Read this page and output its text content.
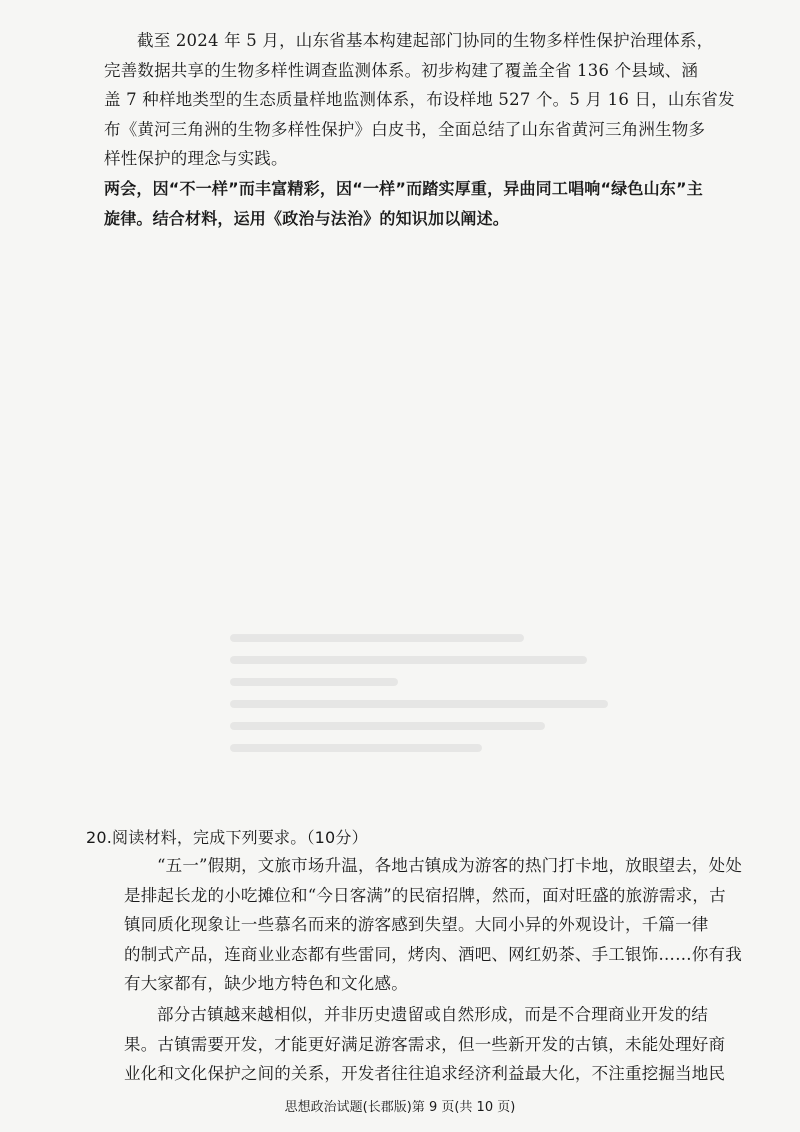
截至 2024 年 5 月，山东省基本构建起部门协同的生物多样性保护治理体系，
完善数据共享的生物多样性调查监测体系。初步构建了覆盖全省 136 个县域、涵
盖 7 种样地类型的生态质量样地监测体系，布设样地 527 个。5 月 16 日，山东省发
布《黄河三角洲的生物多样性保护》白皮书，全面总结了山东省黄河三角洲生物多
样性保护的理念与实践。
两会，因“不一样”而丰富精彩，因“一样”而踏实厚重，异曲同工唱响“绿色山东”主
旋律。结合材料，运用《政治与法治》的知识加以阐述。
20.阅读材料，完成下列要求。（10分）
“五一”假期，文旅市场升温，各地古镇成为游客的热门打卡地，放眼望去，处处
是排起长龙的小吃摊位和“今日客满”的民宿招牌，然而，面对旺盛的旅游需求，古
镇同质化现象让一些慕名而来的游客感到失望。大同小异的外观设计，千篇一律
的制式产品，连商业业态都有些雷同，烤肉、酒吧、网红奶茶、手工银饰……你有我
有大家都有，缺少地方特色和文化感。
部分古镇越来越相似，并非历史遗留或自然形成，而是不合理商业开发的结
果。古镇需要开发，才能更好满足游客需求，但一些新开发的古镇，未能处理好商
业化和文化保护之间的关系，开发者往往追求经济利益最大化，不注重挖掘当地民
思想政治试题(长郡版)第 9 页(共 10 页)
